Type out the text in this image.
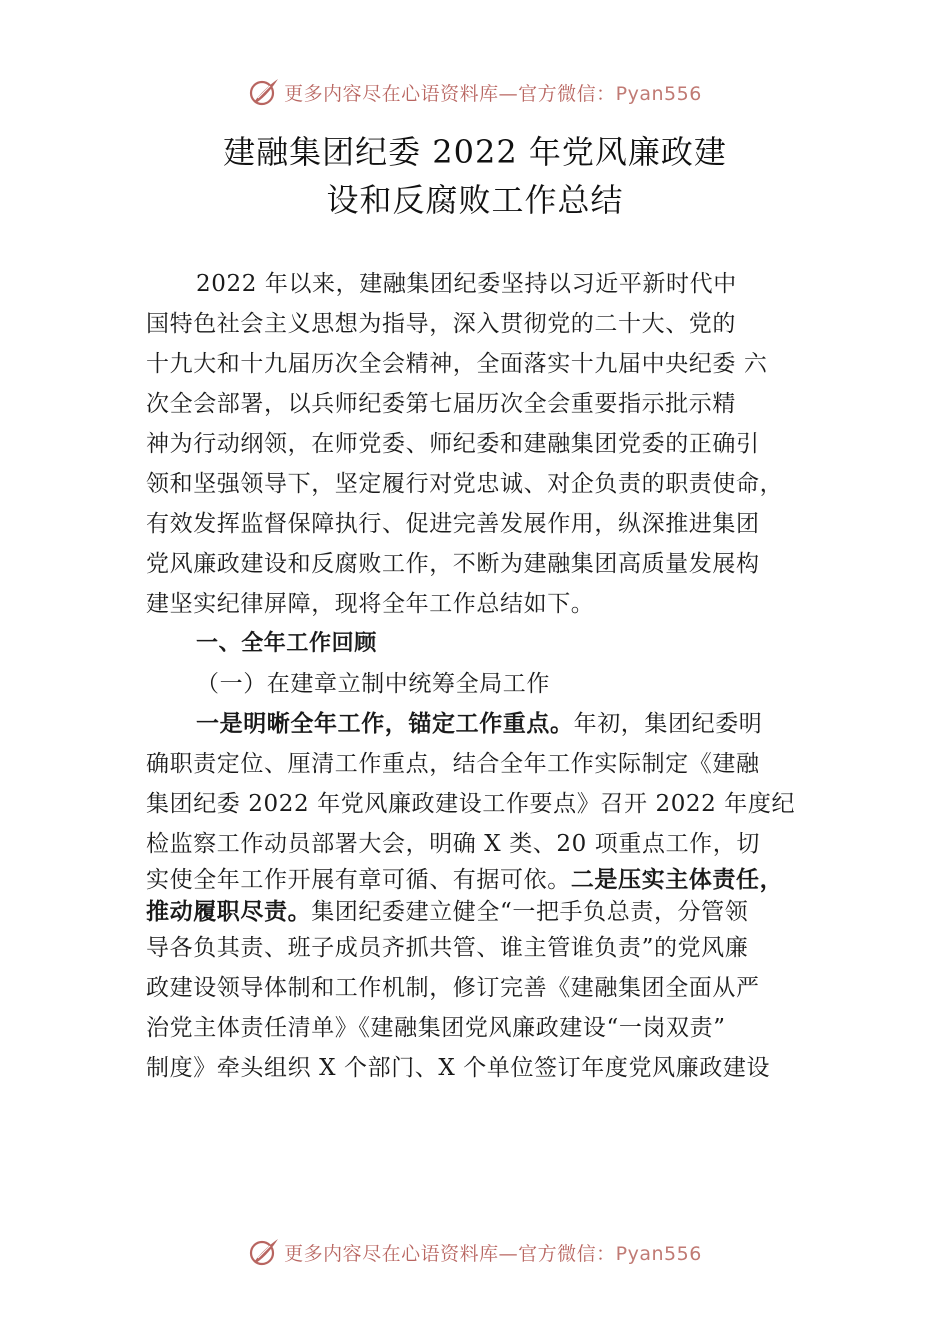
更多内容尽在心语资料库—官方微信：Pyan556
建融集团纪委 2022 年党风廉政建
设和反腐败工作总结
2022 年以来，建融集团纪委坚持以习近平新时代中
国特色社会主义思想为指导，深入贯彻党的二十大、党的
十九大和十九届历次全会精神，全面落实十九届中央纪委 六
次全会部署，以兵师纪委第七届历次全会重要指示批示精
神为行动纲领，在师党委、师纪委和建融集团党委的正确引
领和坚强领导下，坚定履行对党忠诚、对企负责的职责使命，
有效发挥监督保障执行、促进完善发展作用，纵深推进集团
党风廉政建设和反腐败工作，不断为建融集团高质量发展构
建坚实纪律屏障，现将全年工作总结如下。
一、全年工作回顾
（一）在建章立制中统筹全局工作
一是明晰全年工作，锚定工作重点。年初，集团纪委明
确职责定位、厘清工作重点，结合全年工作实际制定《建融
集团纪委 2022 年党风廉政建设工作要点》召开 2022 年度纪
检监察工作动员部署大会，明确 X 类、20 项重点工作，切
实使全年工作开展有章可循、有据可依。二是压实主体责任，
推动履职尽责。集团纪委建立健全“一把手负总责，分管领
导各负其责、班子成员齐抓共管、谁主管谁负责”的党风廉
政建设领导体制和工作机制，修订完善《建融集团全面从严
治党主体责任清单》《建融集团党风廉政建设“一岗双责”
制度》牵头组织 X 个部门、X 个单位签订年度党风廉政建设
更多内容尽在心语资料库—官方微信：Pyan556
